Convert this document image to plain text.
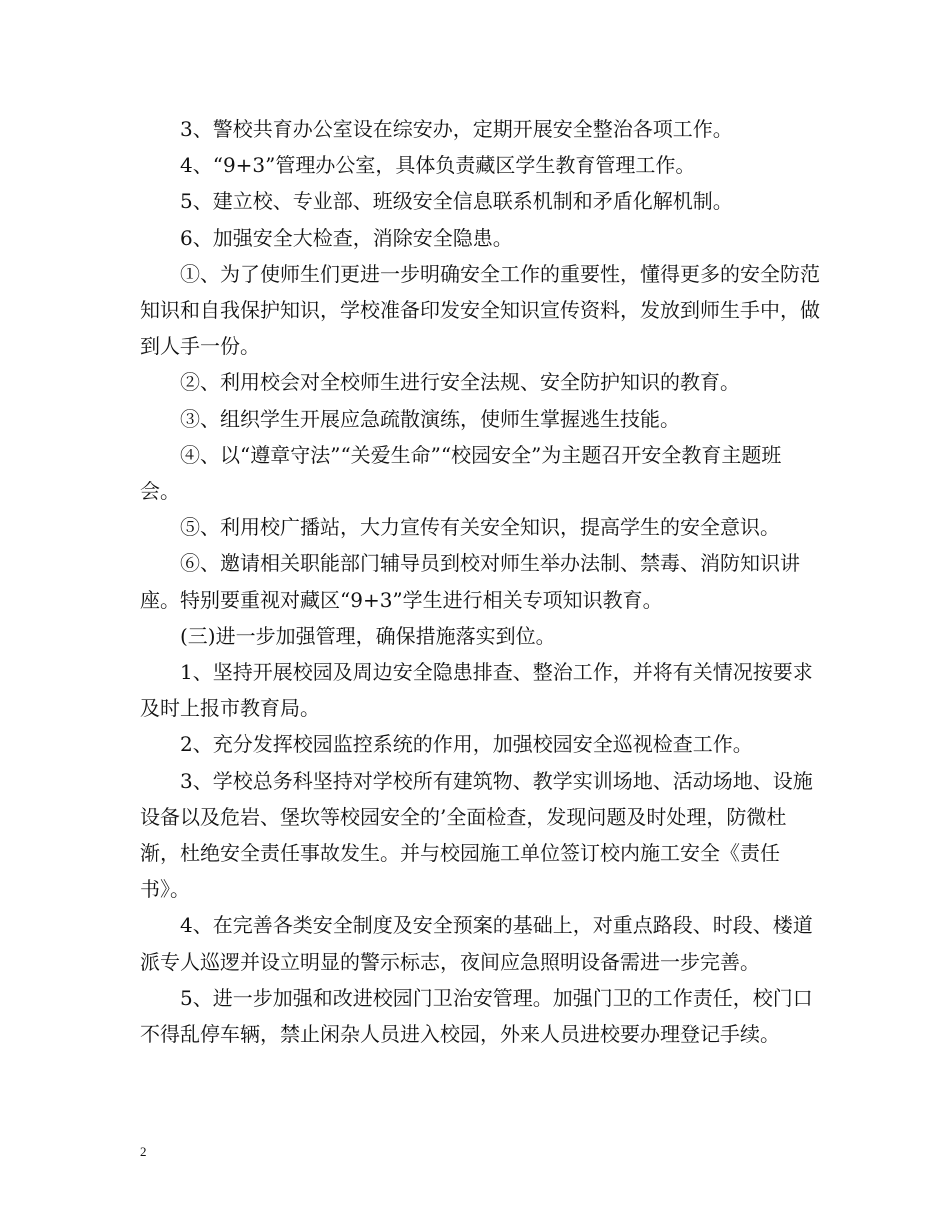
3、警校共育办公室设在综安办，定期开展安全整治各项工作。

4、“9+3”管理办公室，具体负责藏区学生教育管理工作。

5、建立校、专业部、班级安全信息联系机制和矛盾化解机制。

6、加强安全大检查，消除安全隐患。

①、为了使师生们更进一步明确安全工作的重要性，懂得更多的安全防范知识和自我保护知识，学校准备印发安全知识宣传资料，发放到师生手中，做到人手一份。

②、利用校会对全校师生进行安全法规、安全防护知识的教育。

③、组织学生开展应急疏散演练，使师生掌握逃生技能。

④、以“遵章守法”“关爱生命”“校园安全”为主题召开安全教育主题班会。

⑤、利用校广播站，大力宣传有关安全知识，提高学生的安全意识。

⑥、邀请相关职能部门辅导员到校对师生举办法制、禁毒、消防知识讲座。特别要重视对藏区“9+3”学生进行相关专项知识教育。

(三)进一步加强管理，确保措施落实到位。

1、坚持开展校园及周边安全隐患排查、整治工作，并将有关情况按要求及时上报市教育局。

2、充分发挥校园监控系统的作用，加强校园安全巡视检查工作。

3、学校总务科坚持对学校所有建筑物、教学实训场地、活动场地、设施设备以及危岩、堡坎等校园安全的’全面检查，发现问题及时处理，防微杜渐，杜绝安全责任事故发生。并与校园施工单位签订校内施工安全《责任书》。

4、在完善各类安全制度及安全预案的基础上，对重点路段、时段、楼道派专人巡逻并设立明显的警示标志，夜间应急照明设备需进一步完善。

5、进一步加强和改进校园门卫治安管理。加强门卫的工作责任，校门口不得乱停车辆，禁止闲杂人员进入校园，外来人员进校要办理登记手续。

2
